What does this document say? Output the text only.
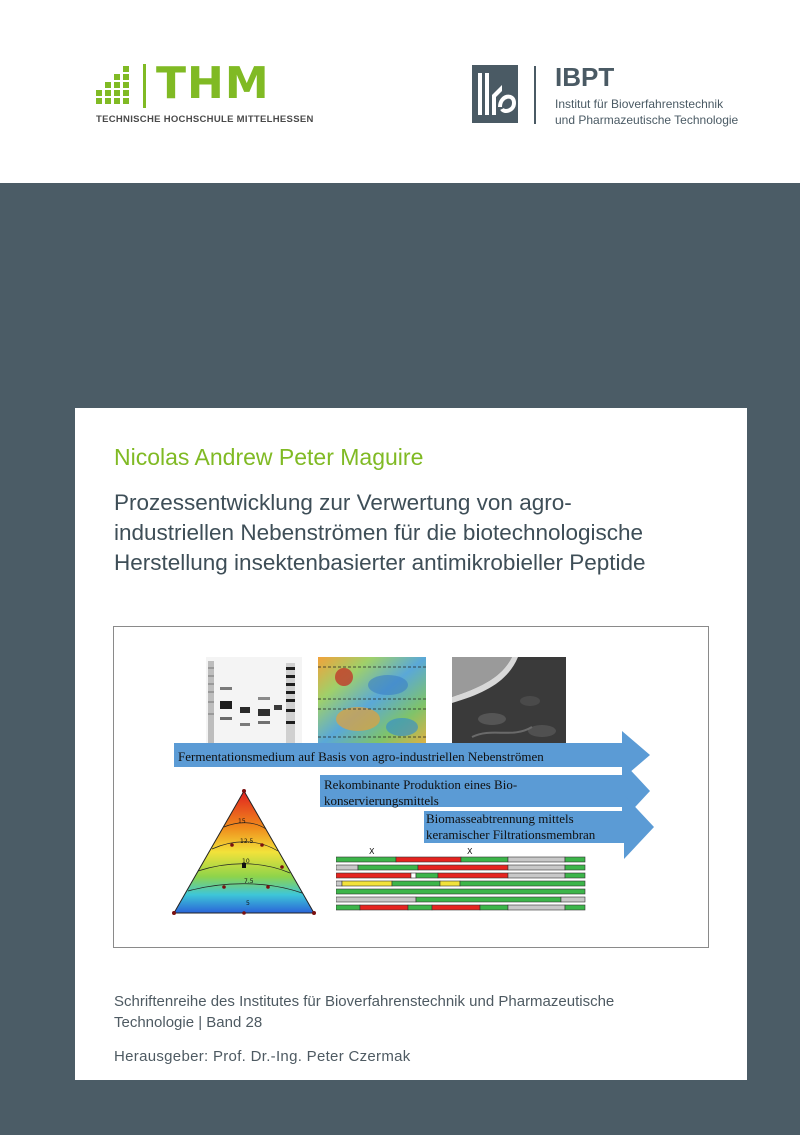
THM
TECHNISCHE HOCHSCHULE MITTELHESSEN
IBPT
Institut für Bioverfahrenstechnik
und Pharmazeutische Technologie
Nicolas Andrew Peter Maguire
Prozessentwicklung zur Verwertung von agro-
industriellen Nebenströmen für die biotechnologische
Herstellung insektenbasierter antimikrobieller Peptide
Fermentationsmedium auf Basis von agro-industriellen Nebenströmen
Rekombinante Produktion eines Bio-
konservierungsmittels
Biomasseabtrennung mittels
keramischer Filtrationsmembran
15
12.5
10
7.5
5
X	X
Schriftenreihe des Institutes für Bioverfahrenstechnik und Pharmazeutische
Technologie | Band 28
Herausgeber: Prof. Dr.-Ing. Peter Czermak
